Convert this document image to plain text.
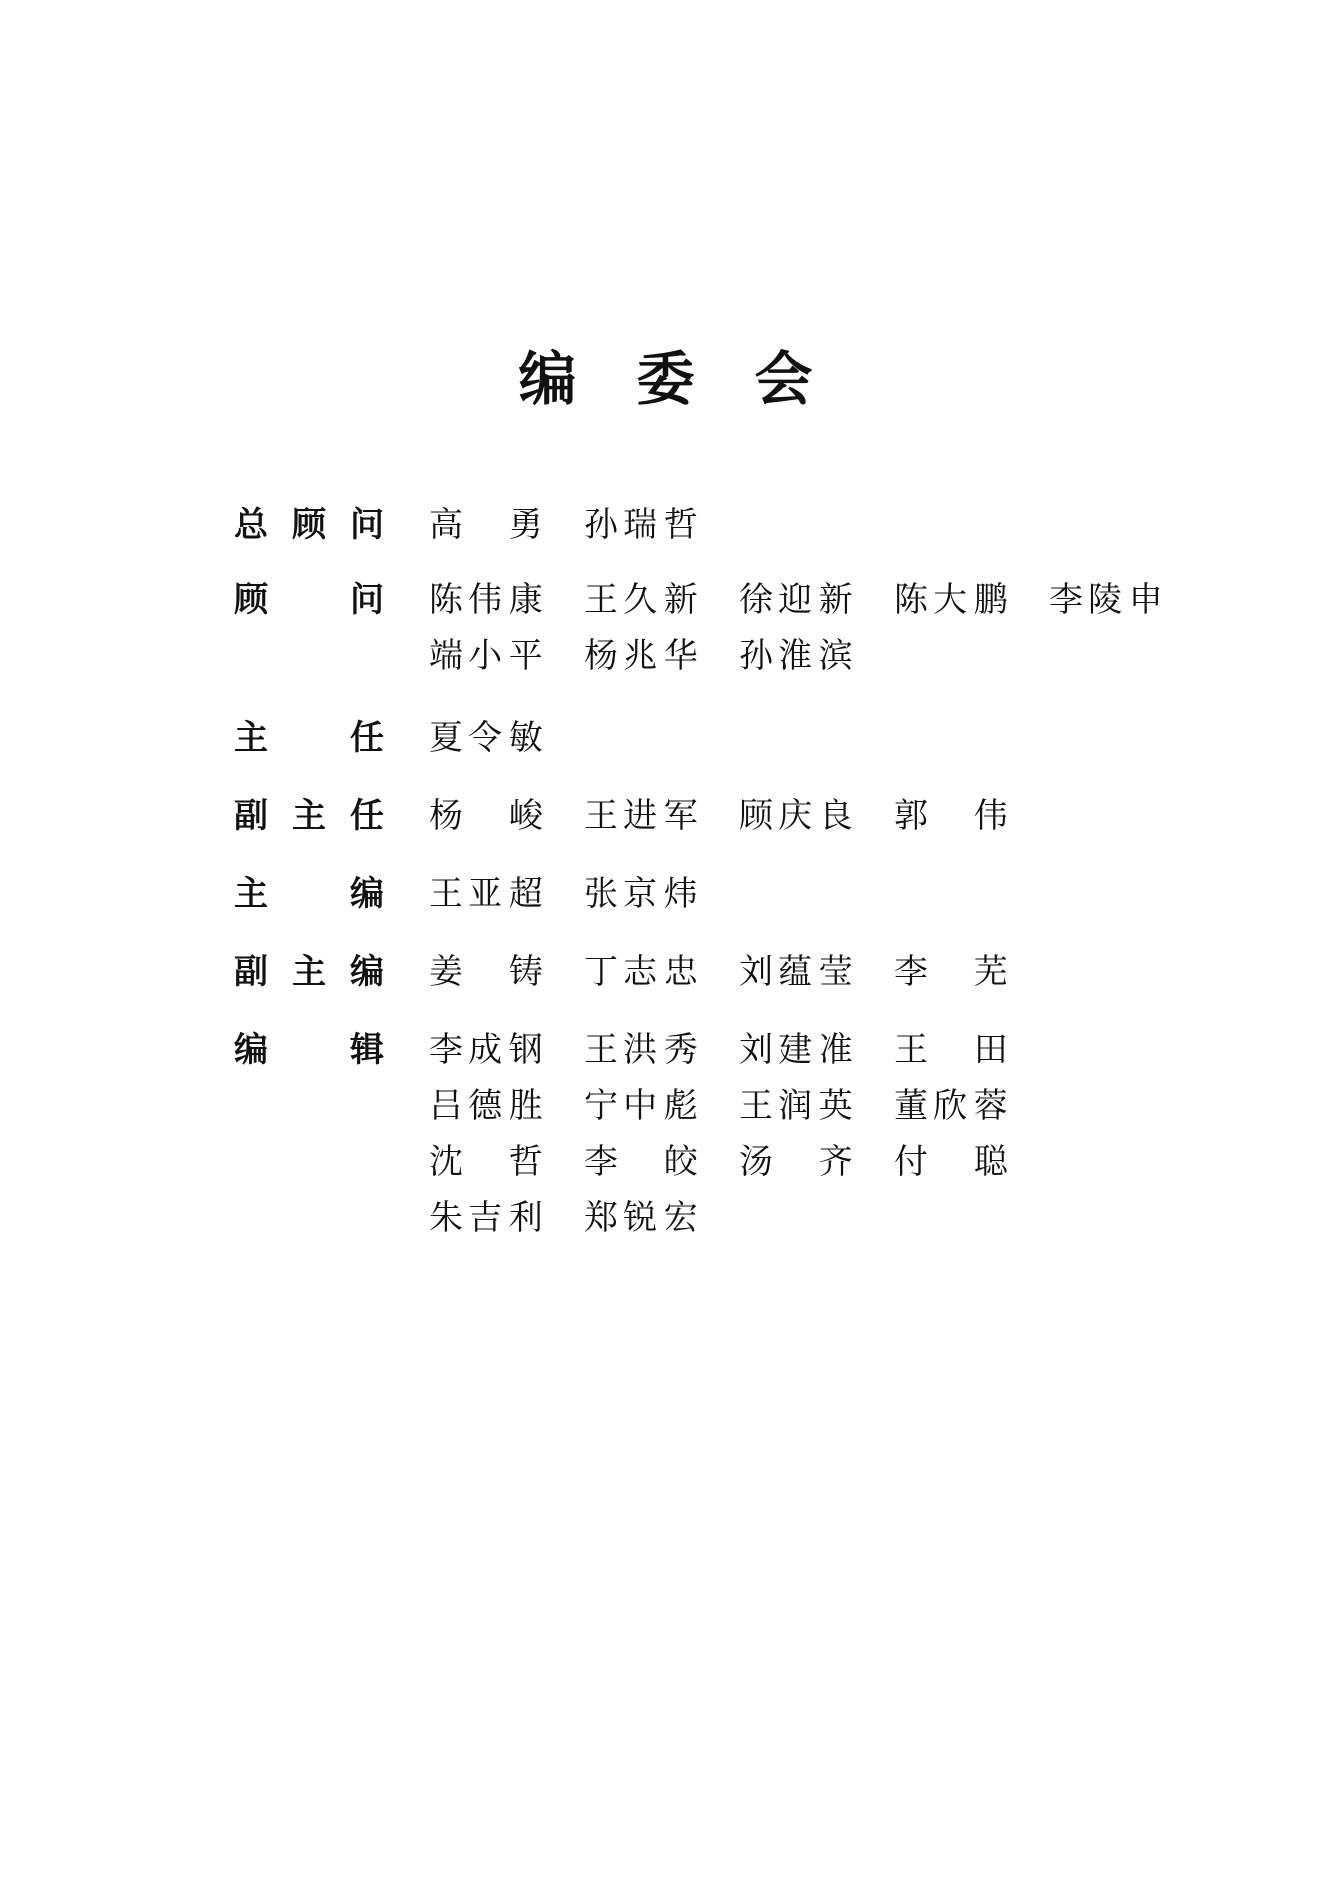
编 委 会
总 顾 问 高 勇 孙 瑞 哲
顾 问 陈 伟 康 王 久 新 徐 迎 新 陈 大 鹏 李 陵 申
端 小 平 杨 兆 华 孙 淮 滨
主 任 夏 令 敏
副 主 任 杨 峻 王 进 军 顾 庆 良 郭 伟
主 编 王 亚 超 张 京 炜
副 主 编 姜 铸 丁 志 忠 刘 蕴 莹 李 芜
编 辑 李 成 钢 王 洪 秀 刘 建 准 王 田
吕 德 胜 宁 中 彪 王 润 英 董 欣 蓉
沈 哲 李 皎 汤 齐 付 聪
朱 吉 利 郑 锐 宏
